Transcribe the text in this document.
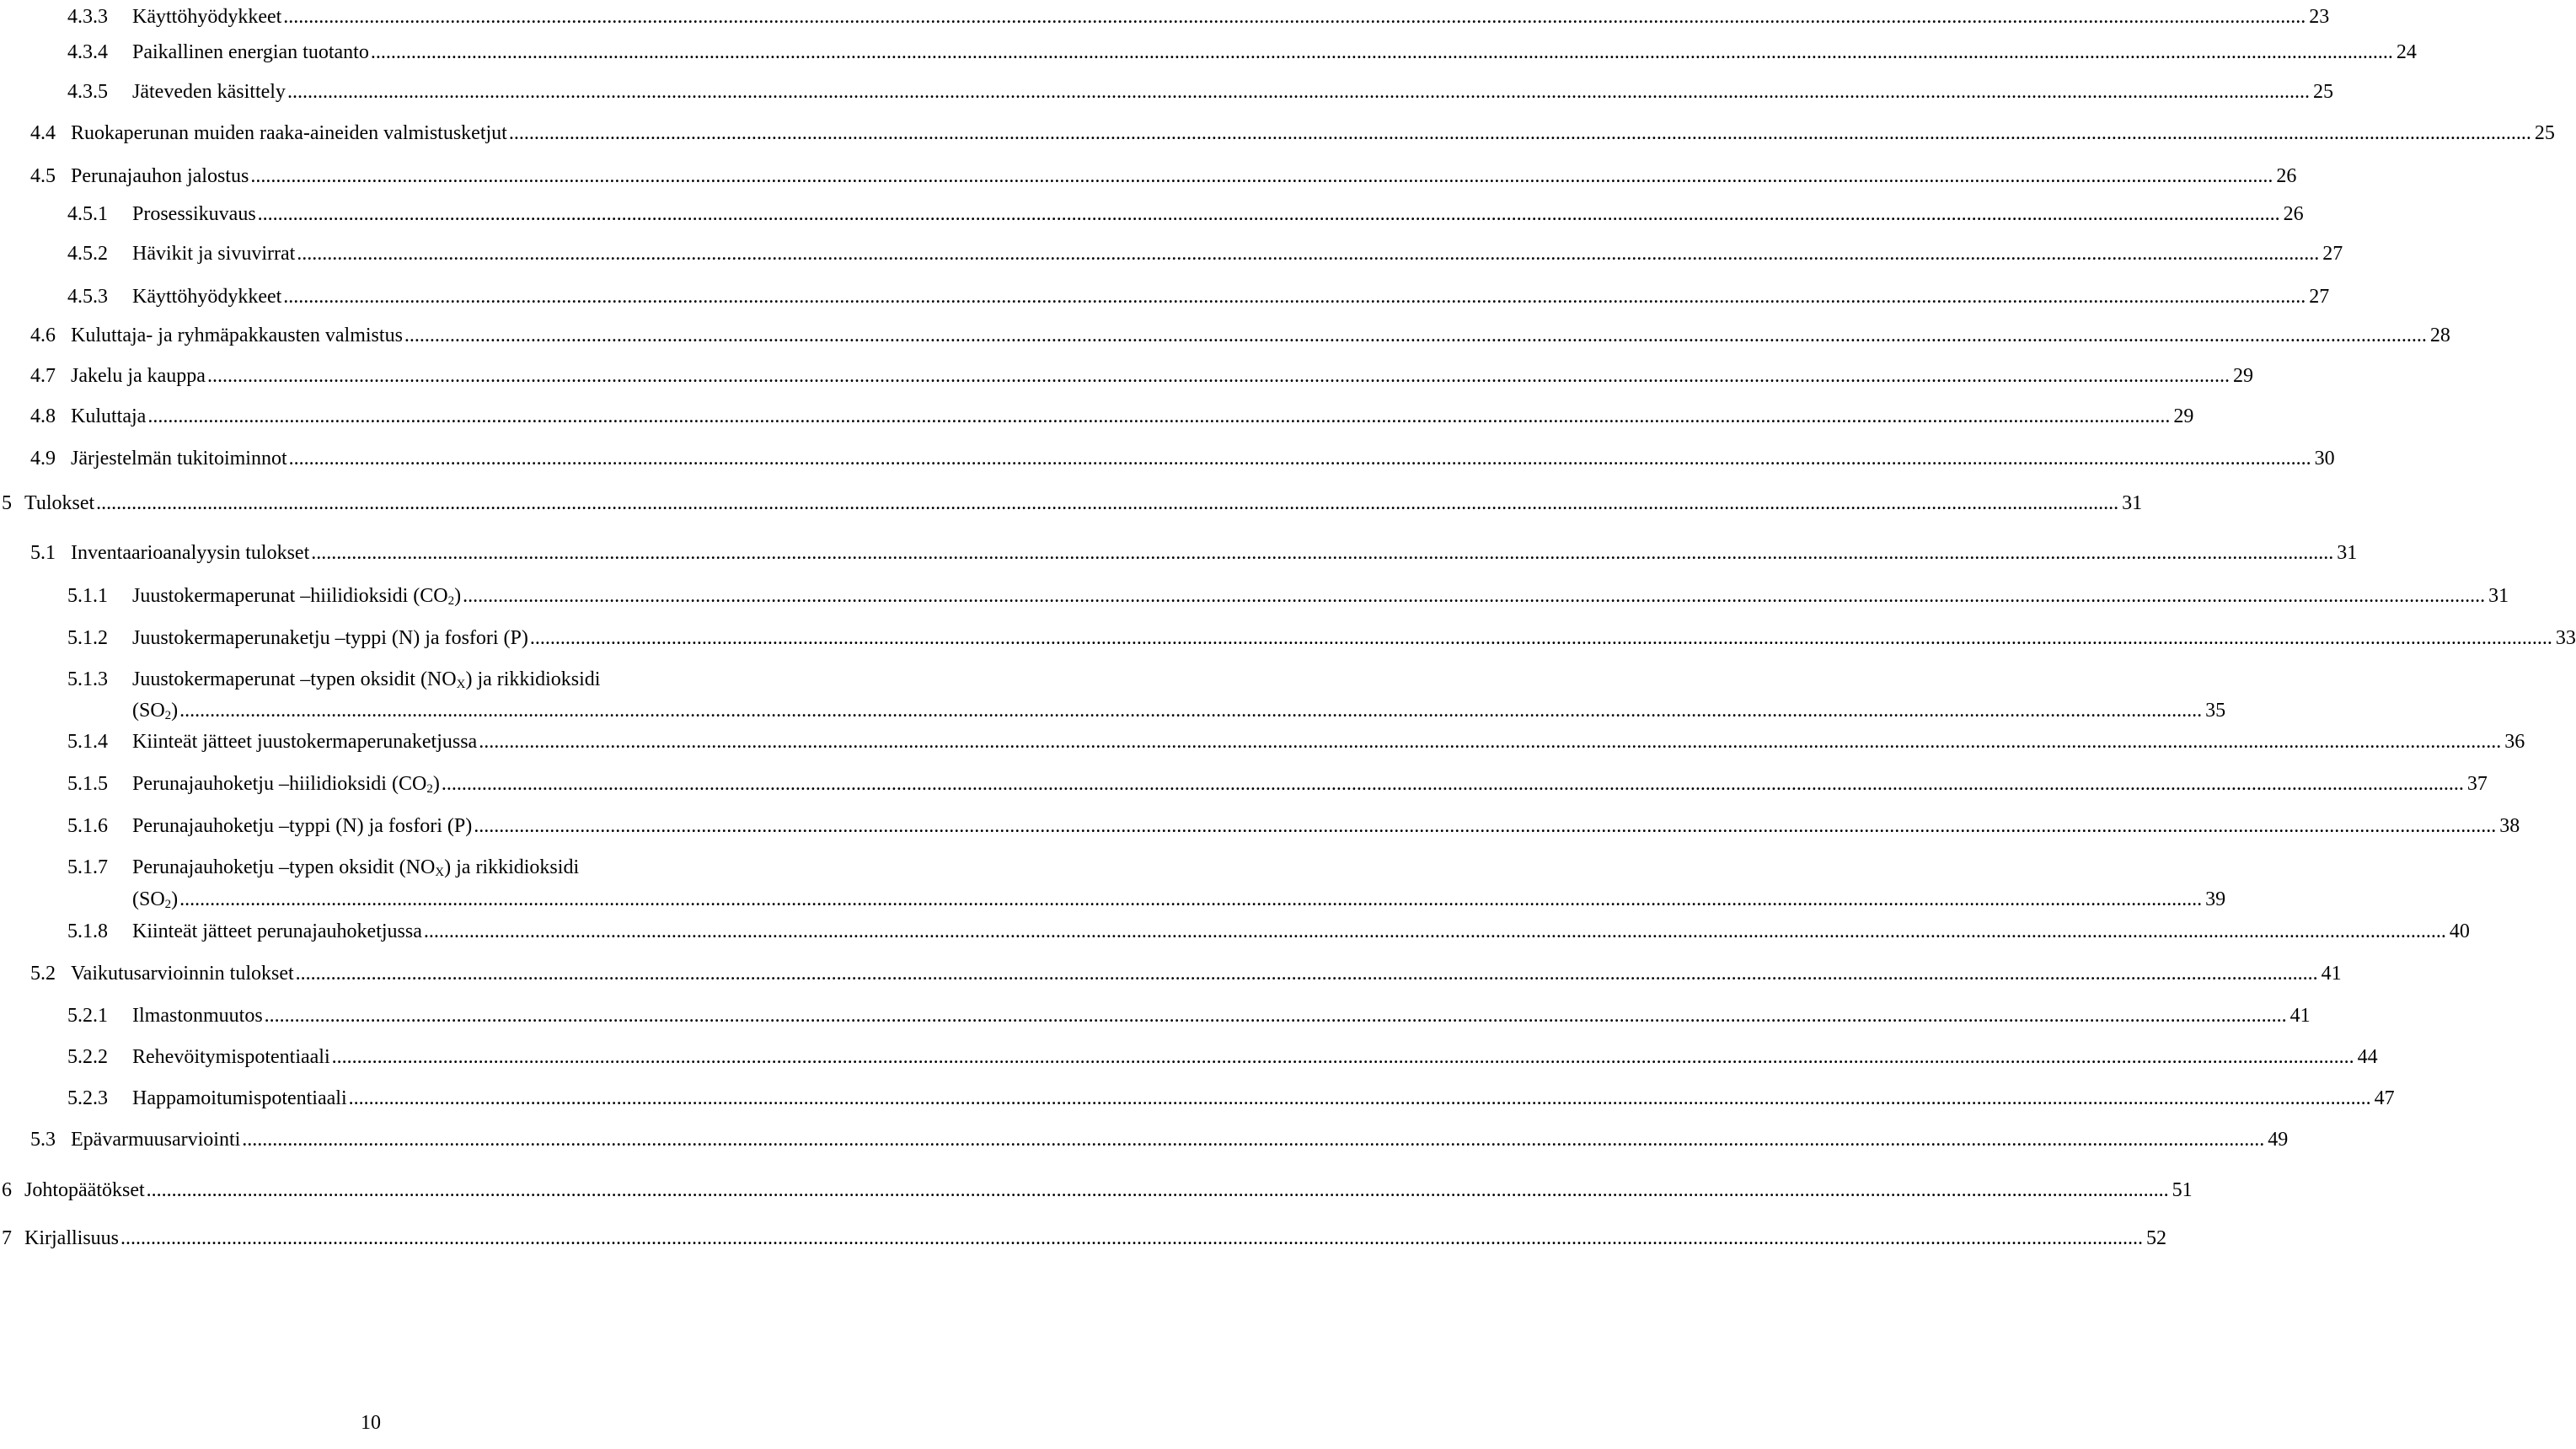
4.3.3 Käyttöhyödykkeet ................................................................................................................................................................................................................................................................................................................................................................................................................ 23
4.3.4 Paikallinen energian tuotanto ................................................................................................................................................................................................................................................................................................................................................................................................................ 24
4.3.5 Jäteveden käsittely ................................................................................................................................................................................................................................................................................................................................................................................................................ 25
4.4 Ruokaperunan muiden raaka-aineiden valmistusketjut ................................................................................................................................................................................................................................................................................................................................................................................................................ 25
4.5 Perunajauhon jalostus ................................................................................................................................................................................................................................................................................................................................................................................................................ 26
4.5.1 Prosessikuvaus ................................................................................................................................................................................................................................................................................................................................................................................................................ 26
4.5.2 Hävikit ja sivuvirrat ................................................................................................................................................................................................................................................................................................................................................................................................................ 27
4.5.3 Käyttöhyödykkeet ................................................................................................................................................................................................................................................................................................................................................................................................................ 27
4.6 Kuluttaja- ja ryhmäpakkausten valmistus ................................................................................................................................................................................................................................................................................................................................................................................................................ 28
4.7 Jakelu ja kauppa ................................................................................................................................................................................................................................................................................................................................................................................................................ 29
4.8 Kuluttaja ................................................................................................................................................................................................................................................................................................................................................................................................................ 29
4.9 Järjestelmän tukitoiminnot ................................................................................................................................................................................................................................................................................................................................................................................................................ 30
5 Tulokset ................................................................................................................................................................................................................................................................................................................................................................................................................ 31
5.1 Inventaarioanalyysin tulokset ................................................................................................................................................................................................................................................................................................................................................................................................................ 31
5.1.1 Juustokermaperunat –hiilidioksidi $(CO_2)$ ................................................................................................................................................................................................................................................................................................................................................................................................................ 31
5.1.2 Juustokermaperunaketju –typpi (N) ja fosfori (P) ................................................................................................................................................................................................................................................................................................................................................................................................................ 33
5.1.3 Juustokermaperunat –typen oksidit $(NO_X)$ ja rikkidioksidi
$(SO_2)$ ................................................................................................................................................................................................................................................................................................................................................................................................................ 35
5.1.4 Kiinteät jätteet juustokermaperunaketjussa ................................................................................................................................................................................................................................................................................................................................................................................................................ 36
5.1.5 Perunajauhoketju –hiilidioksidi $(CO_2)$ ................................................................................................................................................................................................................................................................................................................................................................................................................ 37
5.1.6 Perunajauhoketju –typpi (N) ja fosfori (P) ................................................................................................................................................................................................................................................................................................................................................................................................................ 38
5.1.7 Perunajauhoketju –typen oksidit $(NO_X)$ ja rikkidioksidi
$(SO_2)$ ................................................................................................................................................................................................................................................................................................................................................................................................................ 39
5.1.8 Kiinteät jätteet perunajauhoketjussa ................................................................................................................................................................................................................................................................................................................................................................................................................ 40
5.2 Vaikutusarvioinnin tulokset ................................................................................................................................................................................................................................................................................................................................................................................................................ 41
5.2.1 Ilmastonmuutos ................................................................................................................................................................................................................................................................................................................................................................................................................ 41
5.2.2 Rehevöitymispotentiaali ................................................................................................................................................................................................................................................................................................................................................................................................................ 44
5.2.3 Happamoitumispotentiaali ................................................................................................................................................................................................................................................................................................................................................................................................................ 47
5.3 Epävarmuusarviointi ................................................................................................................................................................................................................................................................................................................................................................................................................ 49
6 Johtopäätökset ................................................................................................................................................................................................................................................................................................................................................................................................................ 51
7 Kirjallisuus ................................................................................................................................................................................................................................................................................................................................................................................................................ 52
10
